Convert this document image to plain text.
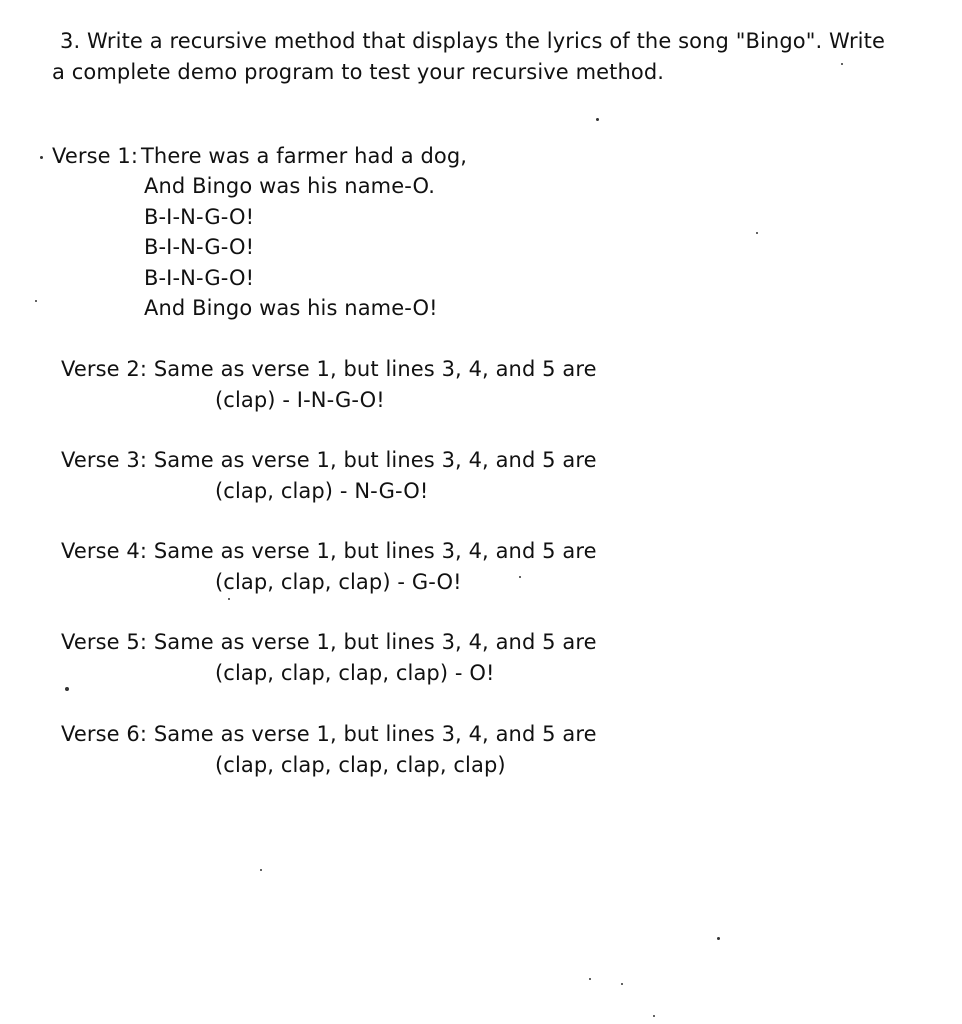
3. Write a recursive method that displays the lyrics of the song "Bingo". Write
a complete demo program to test your recursive method.
Verse 1: There was a farmer had a dog,
And Bingo was his name-O.
B-I-N-G-O!
B-I-N-G-O!
B-I-N-G-O!
And Bingo was his name-O!
Verse 2: Same as verse 1, but lines 3, 4, and 5 are
(clap) - I-N-G-O!
Verse 3: Same as verse 1, but lines 3, 4, and 5 are
(clap, clap) - N-G-O!
Verse 4: Same as verse 1, but lines 3, 4, and 5 are
(clap, clap, clap) - G-O!
Verse 5: Same as verse 1, but lines 3, 4, and 5 are
(clap, clap, clap, clap) - O!
Verse 6: Same as verse 1, but lines 3, 4, and 5 are
(clap, clap, clap, clap, clap)
